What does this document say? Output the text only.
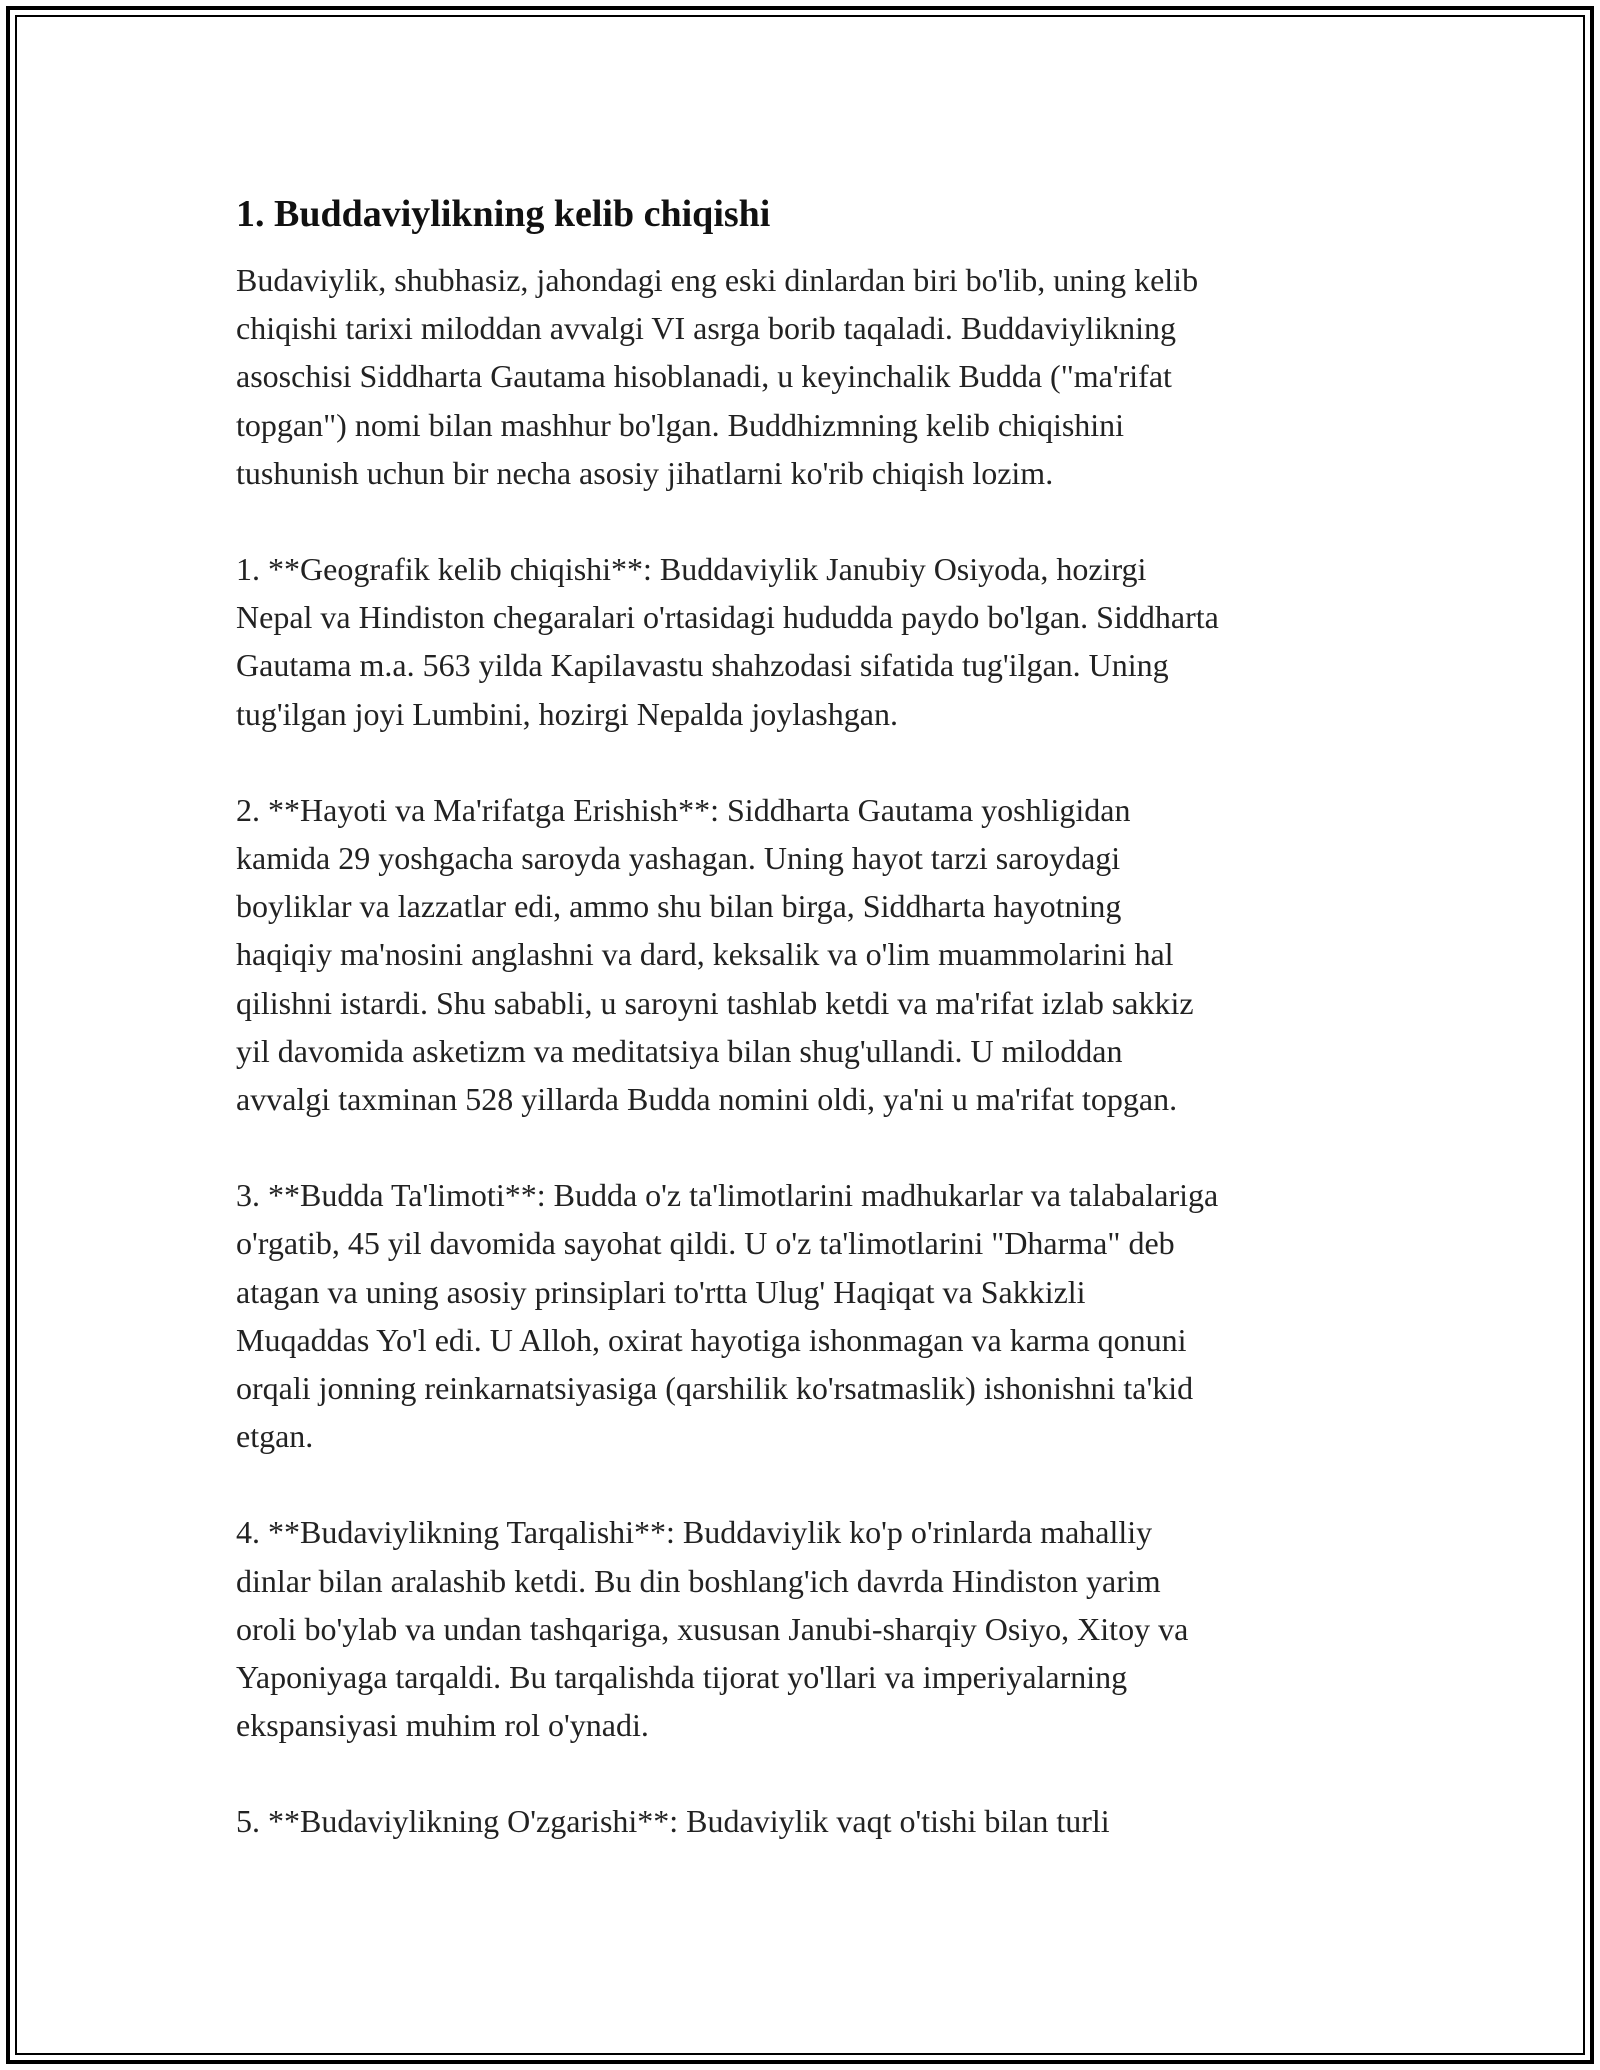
1. Buddaviylikning kelib chiqishi

Budaviylik, shubhasiz, jahondagi eng eski dinlardan biri bo'lib, uning kelib
chiqishi tarixi miloddan avvalgi VI asrga borib taqaladi. Buddaviylikning
asoschisi Siddharta Gautama hisoblanadi, u keyinchalik Budda ("ma'rifat
topgan") nomi bilan mashhur bo'lgan. Buddhizmning kelib chiqishini
tushunish uchun bir necha asosiy jihatlarni ko'rib chiqish lozim.

1. **Geografik kelib chiqishi**: Buddaviylik Janubiy Osiyoda, hozirgi
Nepal va Hindiston chegaralari o'rtasidagi hududda paydo bo'lgan. Siddharta
Gautama m.a. 563 yilda Kapilavastu shahzodasi sifatida tug'ilgan. Uning
tug'ilgan joyi Lumbini, hozirgi Nepalda joylashgan.

2. **Hayoti va Ma'rifatga Erishish**: Siddharta Gautama yoshligidan
kamida 29 yoshgacha saroyda yashagan. Uning hayot tarzi saroydagi
boyliklar va lazzatlar edi, ammo shu bilan birga, Siddharta hayotning
haqiqiy ma'nosini anglashni va dard, keksalik va o'lim muammolarini hal
qilishni istardi. Shu sababli, u saroyni tashlab ketdi va ma'rifat izlab sakkiz
yil davomida asketizm va meditatsiya bilan shug'ullandi. U miloddan
avvalgi taxminan 528 yillarda Budda nomini oldi, ya'ni u ma'rifat topgan.

3. **Budda Ta'limoti**: Budda o'z ta'limotlarini madhukarlar va talabalariga
o'rgatib, 45 yil davomida sayohat qildi. U o'z ta'limotlarini "Dharma" deb
atagan va uning asosiy prinsiplari to'rtta Ulug' Haqiqat va Sakkizli
Muqaddas Yo'l edi. U Alloh, oxirat hayotiga ishonmagan va karma qonuni
orqali jonning reinkarnatsiyasiga (qarshilik ko'rsatmaslik) ishonishni ta'kid
etgan.

4. **Budaviylikning Tarqalishi**: Buddaviylik ko'p o'rinlarda mahalliy
dinlar bilan aralashib ketdi. Bu din boshlang'ich davrda Hindiston yarim
oroli bo'ylab va undan tashqariga, xususan Janubi-sharqiy Osiyo, Xitoy va
Yaponiyaga tarqaldi. Bu tarqalishda tijorat yo'llari va imperiyalarning
ekspansiyasi muhim rol o'ynadi.

5. **Budaviylikning O'zgarishi**: Budaviylik vaqt o'tishi bilan turli
